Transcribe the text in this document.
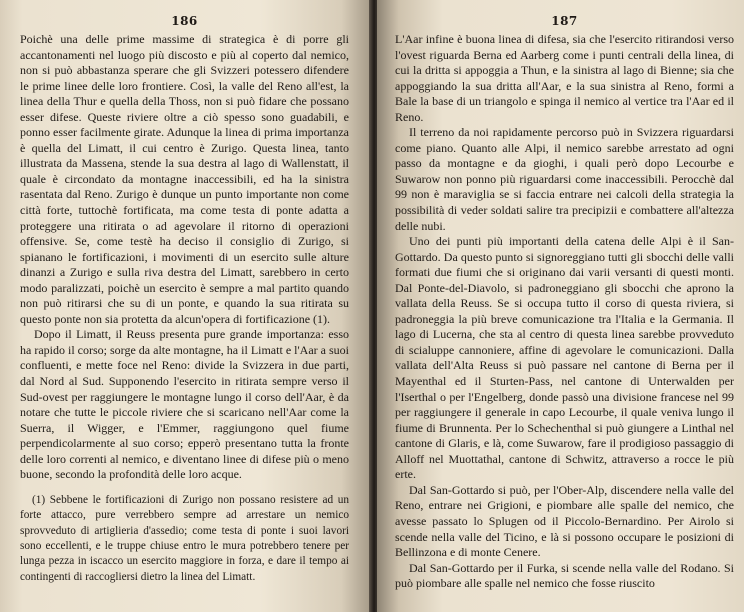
186

Poichè una delle prime massime di strategica è di porre gli accantonamenti nel luogo più discosto e più al coperto dal nemico, non si può abbastanza sperare che gli Svizzeri potessero difendere le prime linee delle loro frontiere. Così, la valle del Reno all'est, la linea della Thur e quella della Thoss, non si può fidare che possano esser difese. Queste riviere oltre a ciò spesso sono guadabili, e ponno esser facilmente girate. Adunque la linea di prima importanza è quella del Limatt, il cui centro è Zurigo. Questa linea, tanto illustrata da Massena, stende la sua destra al lago di Wallenstatt, il quale è circondato da montagne inaccessibili, ed ha la sinistra rasentata dal Reno. Zurigo è dunque un punto importante non come città forte, tuttochè fortificata, ma come testa di ponte adatta a proteggere una ritirata o ad agevolare il ritorno di operazioni offensive. Se, come testè ha deciso il consiglio di Zurigo, si spianano le fortificazioni, i movimenti di un esercito sulle alture dinanzi a Zurigo e sulla riva destra del Limatt, sarebbero in certo modo paralizzati, poichè un esercito è sempre a mal partito quando non può ritirarsi che su di un ponte, e quando la sua ritirata su questo ponte non sia protetta da alcun'opera di fortificazione (1).

Dopo il Limatt, il Reuss presenta pure grande importanza: esso ha rapido il corso; sorge da alte montagne, ha il Limatt e l'Aar a suoi confluenti, e mette foce nel Reno: divide la Svizzera in due parti, dal Nord al Sud. Supponendo l'esercito in ritirata sempre verso il Sud-ovest per raggiungere le montagne lungo il corso dell'Aar, è da notare che tutte le piccole riviere che si scaricano nell'Aar come la Suerra, il Wigger, e l'Emmer, raggiungono quel fiume perpendicolarmente al suo corso; epperò presentano tutta la fronte delle loro correnti al nemico, e diventano linee di difese più o meno buone, secondo la profondità delle loro acque.

(1) Sebbene le fortificazioni di Zurigo non possano resistere ad un forte attacco, pure verrebbero sempre ad arrestare un nemico sprovveduto di artiglieria d'assedio; come testa di ponte i suoi lavori sono eccellenti, e le truppe chiuse entro le mura potrebbero tenere per lunga pezza in iscacco un esercito maggiore in forza, e dare il tempo ai contingenti di raccogliersi dietro la linea del Limatt.

187

L'Aar infine è buona linea di difesa, sia che l'esercito ritirandosi verso l'ovest riguarda Berna ed Aarberg come i punti centrali della linea, di cui la dritta si appoggia a Thun, e la sinistra al lago di Bienne; sia che appoggiando la sua dritta all'Aar, e la sua sinistra al Reno, formi a Bale la base di un triangolo e spinga il nemico al vertice tra l'Aar ed il Reno.

Il terreno da noi rapidamente percorso può in Svizzera riguardarsi come piano. Quanto alle Alpi, il nemico sarebbe arrestato ad ogni passo da montagne e da gioghi, i quali però dopo Lecourbe e Suwarow non ponno più riguardarsi come inaccessibili. Perocchè dal 99 non è maraviglia se si faccia entrare nei calcoli della strategia la possibilità di veder soldati salire tra precipizii e combattere all'altezza delle nubi.

Uno dei punti più importanti della catena delle Alpi è il San-Gottardo. Da questo punto si signoreggiano tutti gli sbocchi delle valli formati due fiumi che si originano dai varii versanti di questi monti. Dal Ponte-del-Diavolo, si padroneggiano gli sbocchi che aprono la vallata della Reuss. Se si occupa tutto il corso di questa riviera, si padroneggia la più breve comunicazione tra l'Italia e la Germania. Il lago di Lucerna, che sta al centro di questa linea sarebbe provveduto di scialuppe cannoniere, affine di agevolare le comunicazioni. Dalla vallata dell'Alta Reuss si può passare nel cantone di Berna per il Mayenthal ed il Sturten-Pass, nel cantone di Unterwalden per l'Iserthal o per l'Engelberg, donde passò una divisione francese nel 99 per raggiungere il generale in capo Lecourbe, il quale veniva lungo il fiume di Brunnenta. Per lo Schechenthal si può giungere a Linthal nel cantone di Glaris, e là, come Suwarow, fare il prodigioso passaggio di Alloff nel Muottathal, cantone di Schwitz, attraverso a rocce le più erte.

Dal San-Gottardo si può, per l'Ober-Alp, discendere nella valle del Reno, entrare nei Grigioni, e piombare alle spalle del nemico, che avesse passato lo Splugen od il Piccolo-Bernardino. Per Airolo si scende nella valle del Ticino, e là si possono occupare le posizioni di Bellinzona e di monte Cenere.

Dal San-Gottardo per il Furka, si scende nella valle del Rodano. Si può piombare alle spalle nel nemico che fosse riuscito
